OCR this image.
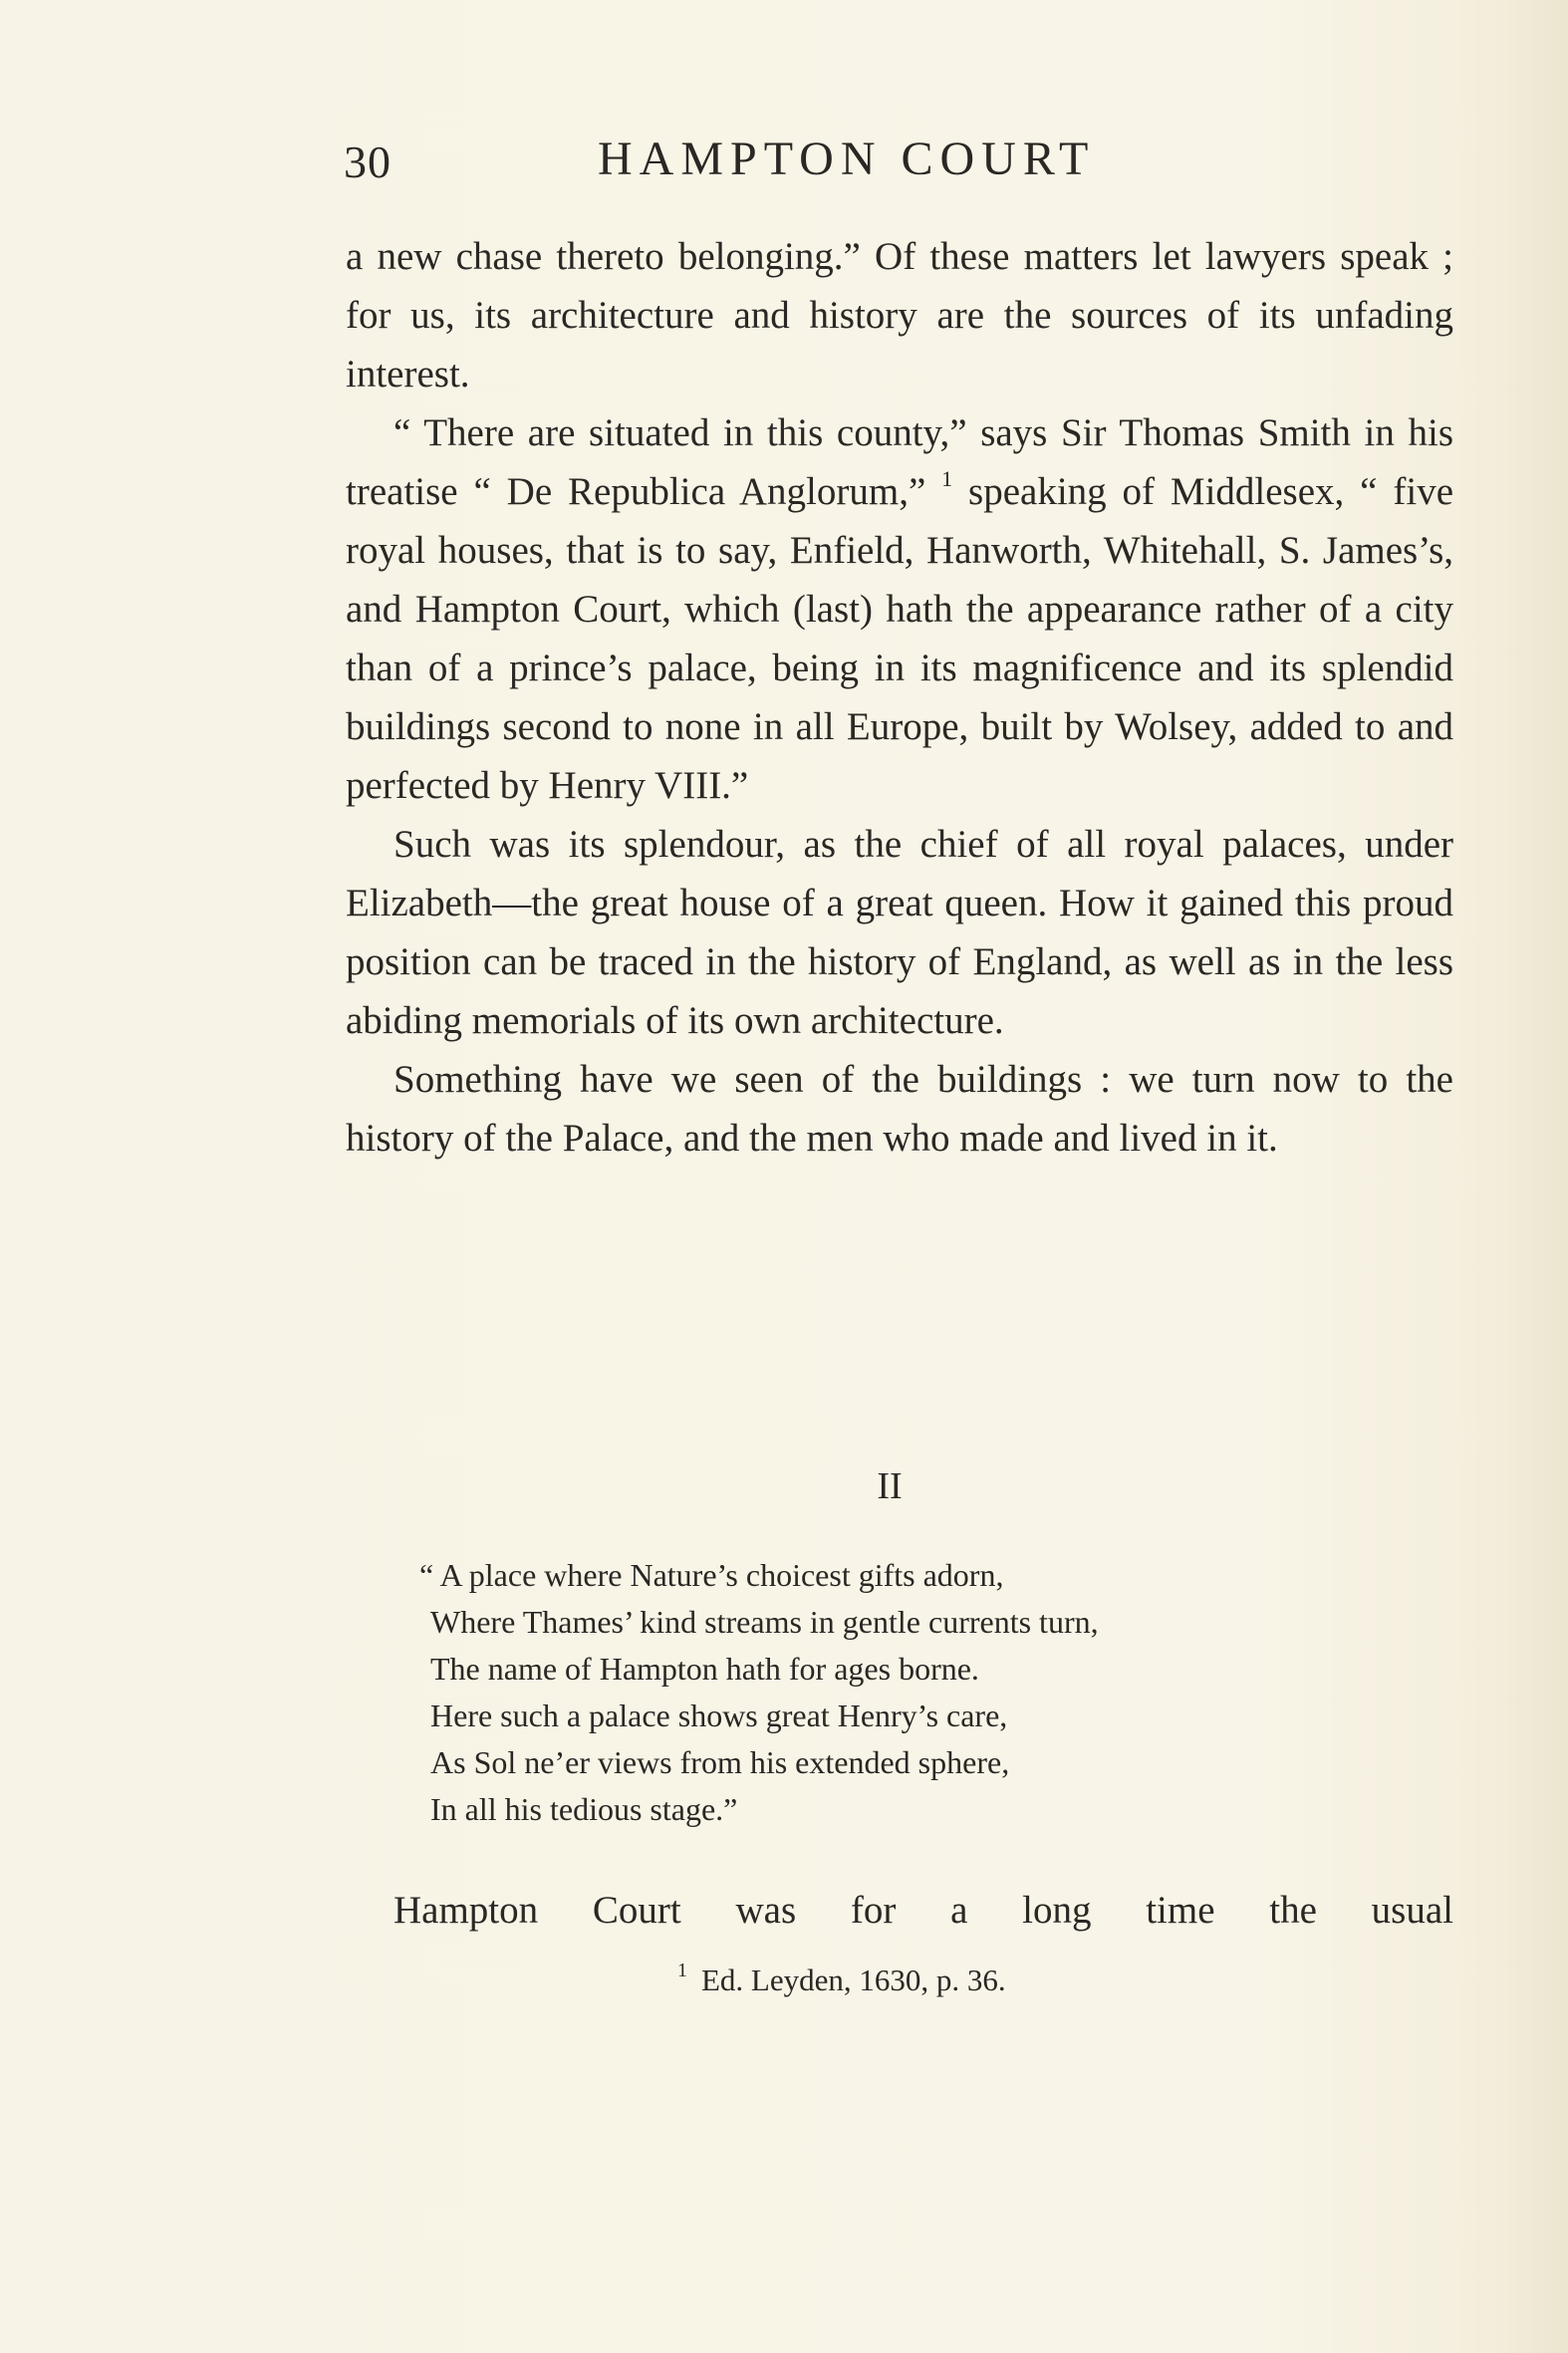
30	HAMPTON COURT

a new chase thereto belonging.” Of these matters let lawyers speak ; for us, its architecture and history are the sources of its unfading interest.

“ There are situated in this county,” says Sir Thomas Smith in his treatise “ De Republica Anglorum,” $^1$ speaking of Middlesex, “ five royal houses, that is to say, Enfield, Hanworth, Whitehall, S. James’s, and Hampton Court, which (last) hath the appearance rather of a city than of a prince’s palace, being in its magnificence and its splendid buildings second to none in all Europe, built by Wolsey, added to and perfected by Henry VIII.”

Such was its splendour, as the chief of all royal palaces, under Elizabeth—the great house of a great queen. How it gained this proud position can be traced in the history of England, as well as in the less abiding memorials of its own architecture.

Something have we seen of the buildings : we turn now to the history of the Palace, and the men who made and lived in it.

II
“ A place where Nature’s choicest gifts adorn,
Where Thames’ kind streams in gentle currents turn,
The name of Hampton hath for ages borne.
Here such a palace shows great Henry’s care,
As Sol ne’er views from his extended sphere,
In all his tedious stage.”
Hampton Court was for a long time the usual
$^1$ Ed. Leyden, 1630, p. 36.
